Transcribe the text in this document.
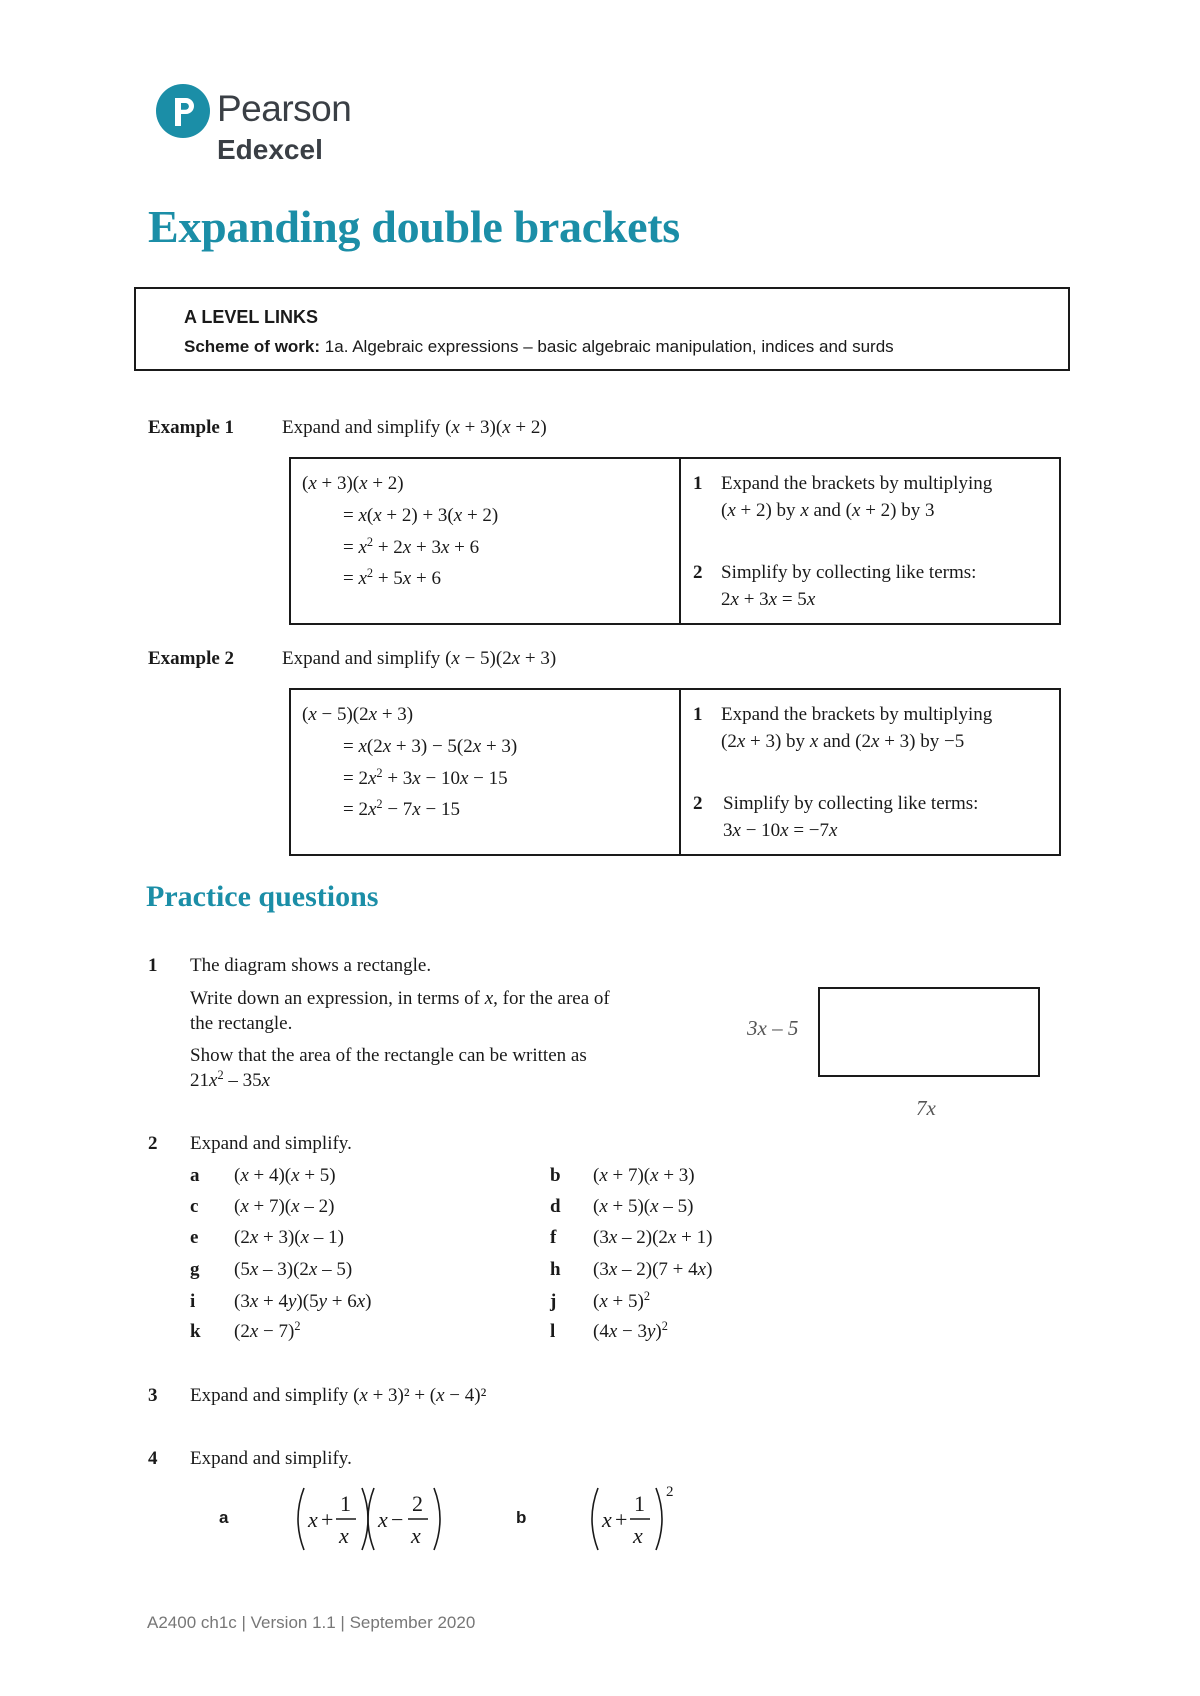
Pearson
Edexcel
Expanding double brackets
A LEVEL LINKS
Scheme of work: 1a. Algebraic expressions – basic algebraic manipulation, indices and surds
Example 1	Expand and simplify (x + 3)(x + 2)
(x + 3)(x + 2)
= x(x + 2) + 3(x + 2)
= $x^2 + 2x + 3x + 6$
= $x^2 + 5x + 6$
1 Expand the brackets by multiplying
(x + 2) by x and (x + 2) by 3
2 Simplify by collecting like terms:
2x + 3x = 5x
Example 2	Expand and simplify (x − 5)(2x + 3)
(x − 5)(2x + 3)
= x(2x + 3) − 5(2x + 3)
= $2x^2 + 3x - 10x - 15$
= $2x^2 - 7x - 15$
1 Expand the brackets by multiplying
(2x + 3) by x and (2x + 3) by −5
2 Simplify by collecting like terms:
3x − 10x = −7x
Practice questions
1 The diagram shows a rectangle.
Write down an expression, in terms of x, for the area of
the rectangle.
Show that the area of the rectangle can be written as
$21x^2 - 35x$
3x – 5
7x
2 Expand and simplify.
a (x + 4)(x + 5)	b (x + 7)(x + 3)
c (x + 7)(x – 2)	d (x + 5)(x – 5)
e (2x + 3)(x – 1)	f (3x – 2)(2x + 1)
g (5x – 3)(2x – 5)	h (3x – 2)(7 + 4x)
i (3x + 4y)(5y + 6x)	j $(x + 5)^2$
k $(2x - 7)^2$	l $(4x - 3y)^2$
3 Expand and simplify (x + 3)² + (x − 4)²
4 Expand and simplify.
a	x +
1
x
x −
2
x
b	x +
1
x
2
A2400 ch1c | Version 1.1 | September 2020
